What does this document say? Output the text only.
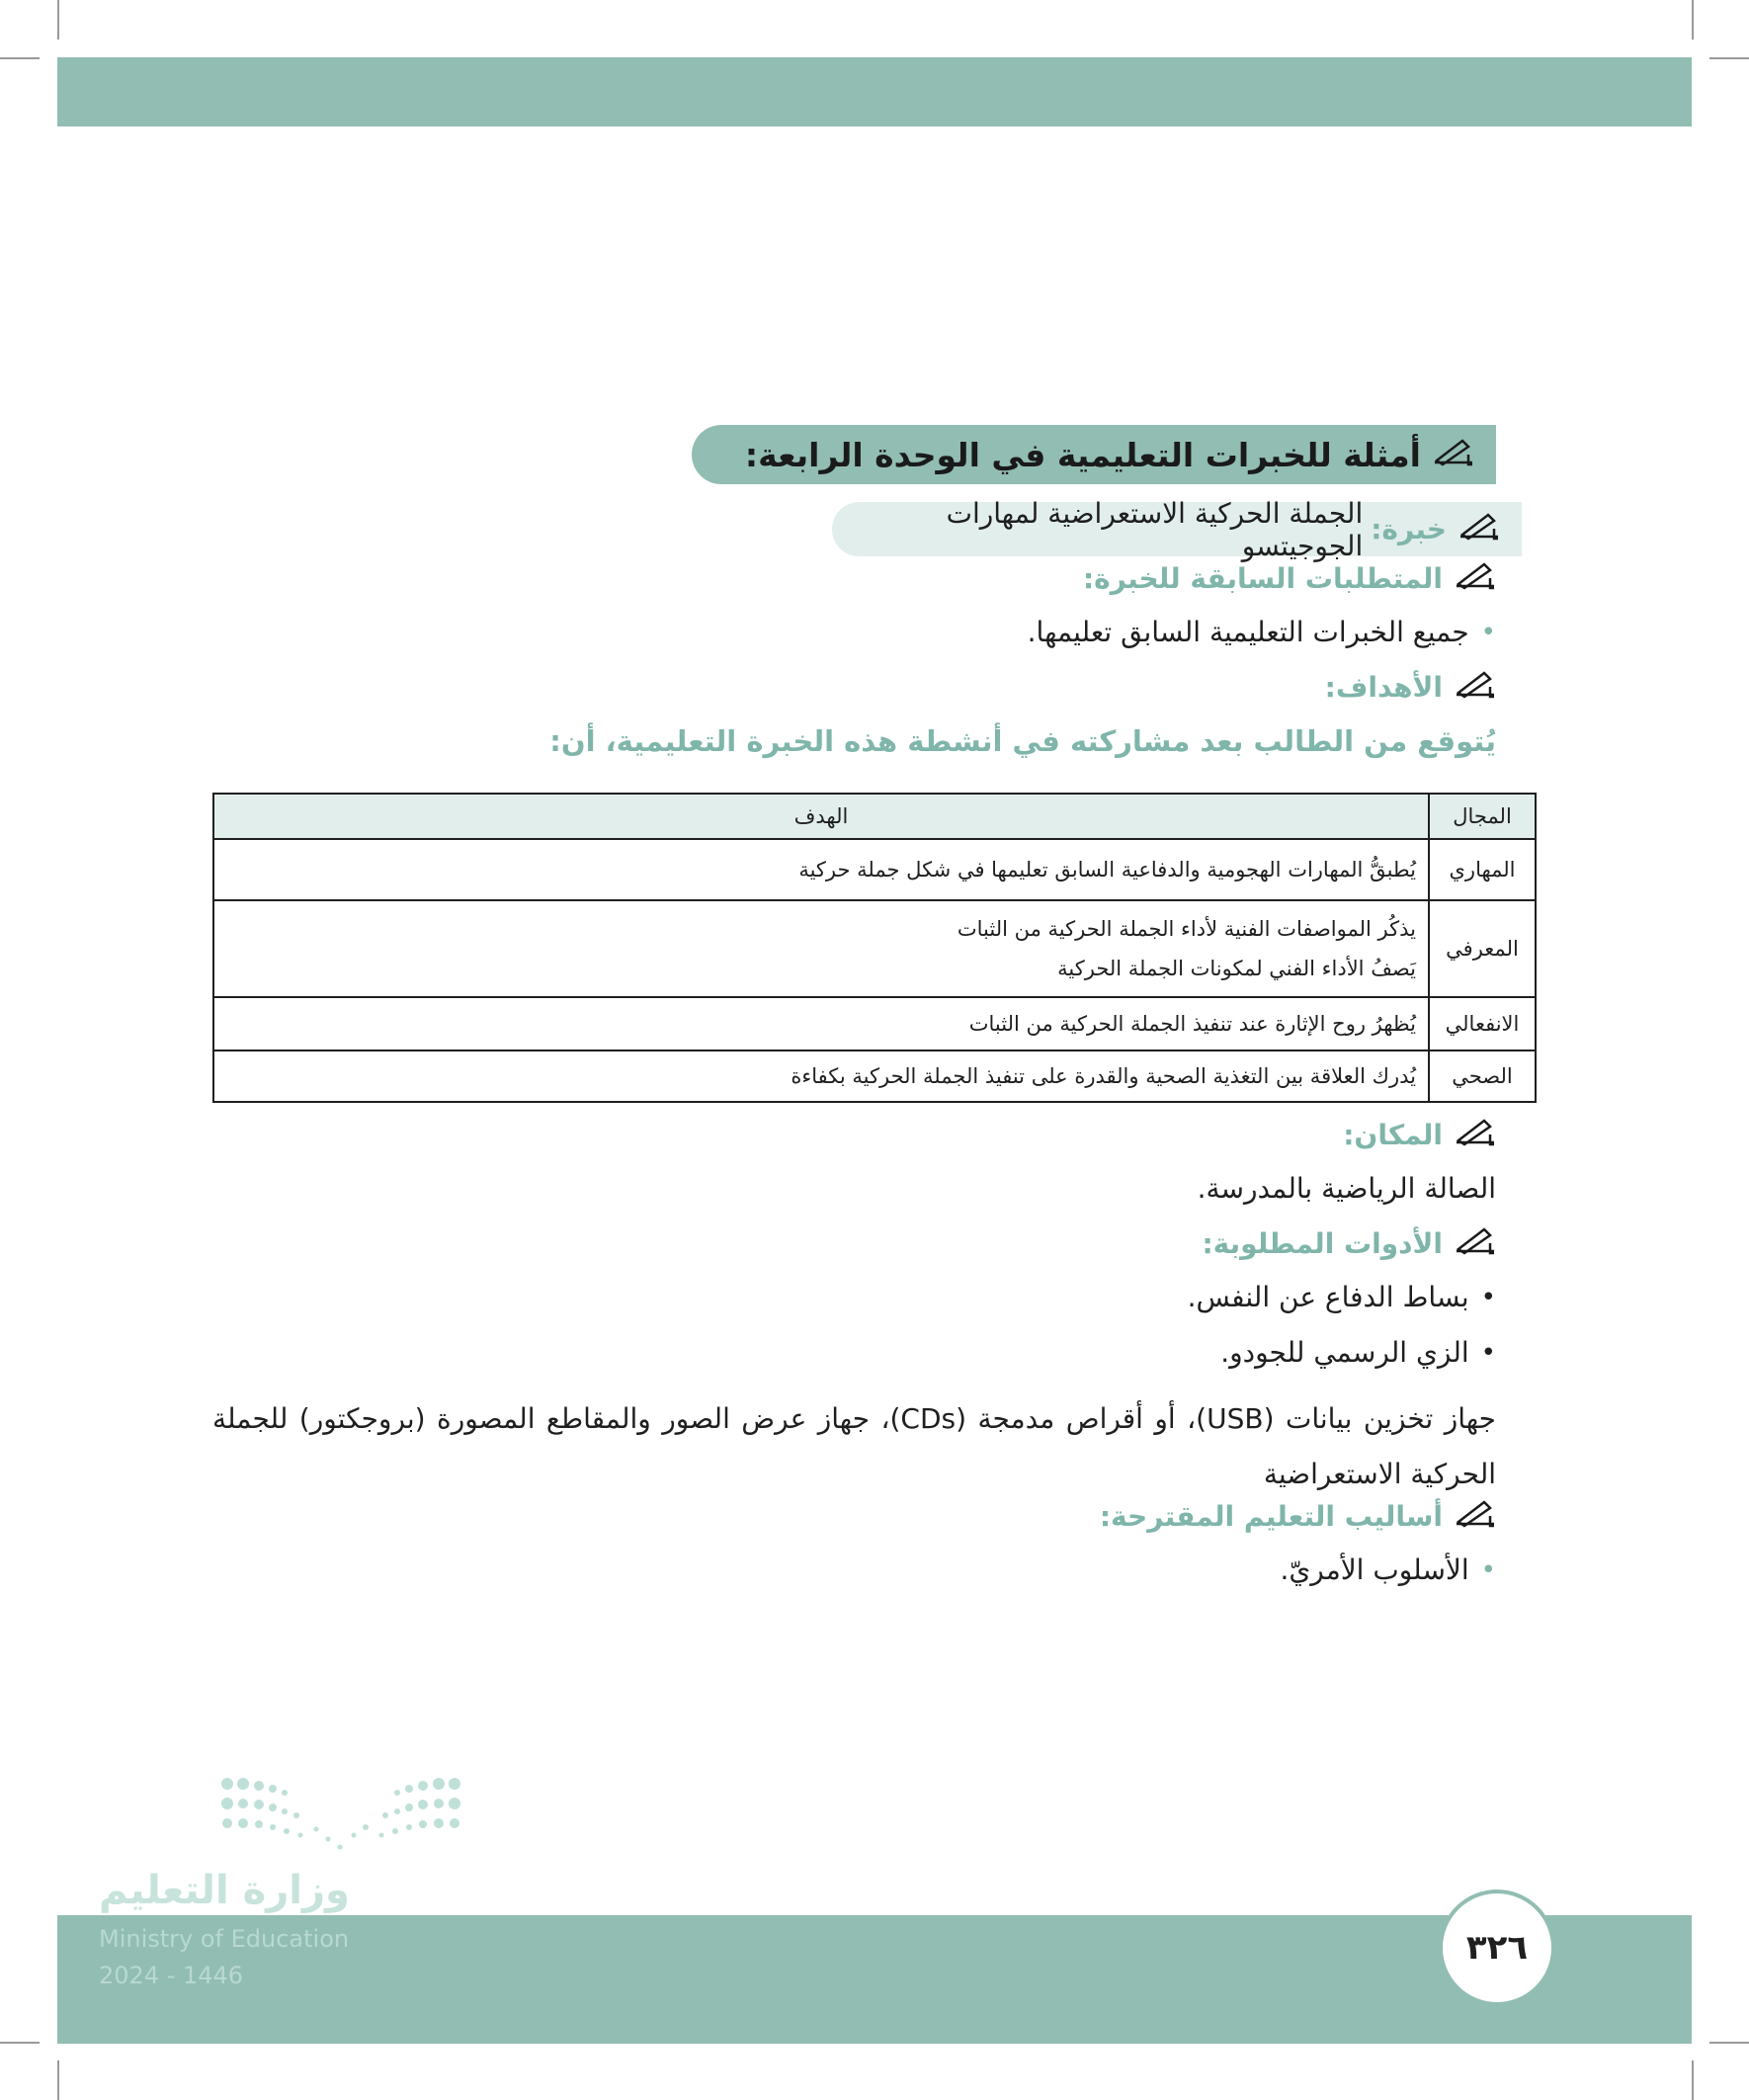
أمثلة للخبرات التعليمية في الوحدة الرابعة:
خبرة:
الجملة الحركية الاستعراضية لمهارات الجوجيتسو
المتطلبات السابقة للخبرة:
•
جميع الخبرات التعليمية السابق تعليمها.
الأهداف:
يُتوقع من الطالب بعد مشاركته في أنشطة هذه الخبرة التعليمية، أن:
المجال	الهدف
المهاري	يُطبقُّ المهارات الهجومية والدفاعية السابق تعليمها في شكل جملة حركية

المعرفي	يذكُر المواصفات الفنية لأداء الجملة الحركية من الثبات
يَصفُ الأداء الفني لمكونات الجملة الحركية

الانفعالي	يُظهرُ روح الإثارة عند تنفيذ الجملة الحركية من الثبات

الصحي	يُدرك العلاقة بين التغذية الصحية والقدرة على تنفيذ الجملة الحركية بكفاءة
المكان:
الصالة الرياضية بالمدرسة.
الأدوات المطلوبة:
•
بساط الدفاع عن النفس.
•
الزي الرسمي للجودو.
جهاز تخزين بيانات (USB)، أو أقراص مدمجة (CDs)، جهاز عرض الصور والمقاطع المصورة (بروجكتور) للجملة الحركية الاستعراضية
أساليب التعليم المقترحة:
•
الأسلوب الأمريّ.
وزارة التعليم
Ministry of Education
2024 - 1446
٣٢٦
